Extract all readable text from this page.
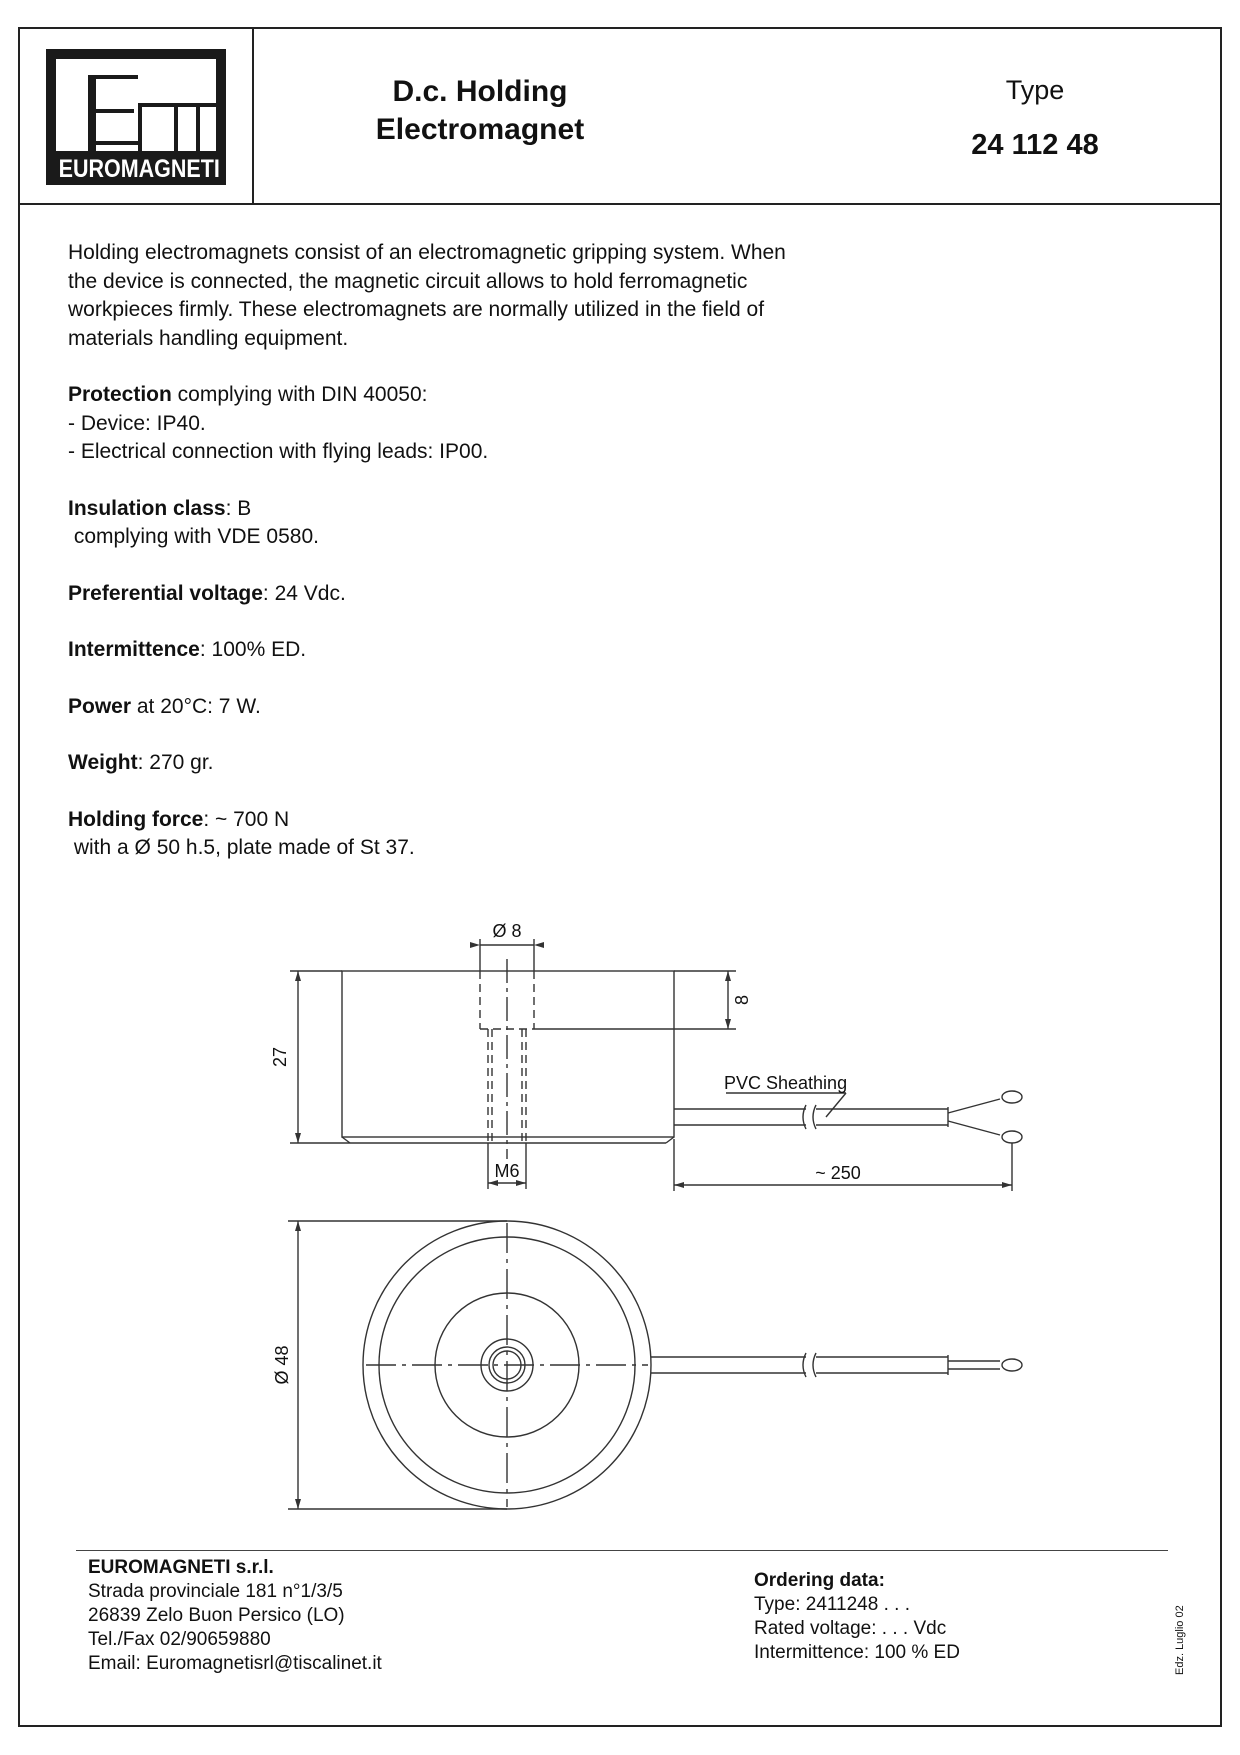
EUROMAGNETI
D.c. Holding
Electromagnet
Type
24 112 48

Holding electromagnets consist of an electromagnetic gripping system. When the device is connected, the magnetic circuit allows to hold ferromagnetic workpieces firmly. These electromagnets are normally utilized in the field of materials handling equipment.

Protection complying with DIN 40050:
- Device: IP40.
- Electrical connection with flying leads: IP00.

Insulation class: B
complying with VDE 0580.

Preferential voltage: 24 Vdc.

Intermittence: 100% ED.

Power at 20°C: 7 W.

Weight: 270 gr.

Holding force: ~ 700 N
with a Ø 50 h.5, plate made of St 37.

Ø 8
8
27
M6	~ 250
PVC Sheathing
Ø 48
EUROMAGNETI s.r.l.
Strada provinciale 181 n°1/3/5
26839 Zelo Buon Persico (LO)
Tel./Fax 02/90659880
Email: Euromagnetisrl@tiscalinet.it
Ordering data:
Type: 2411248 . . .
Rated voltage: . . . Vdc
Intermittence: 100 % ED	Edz. Luglio 02
